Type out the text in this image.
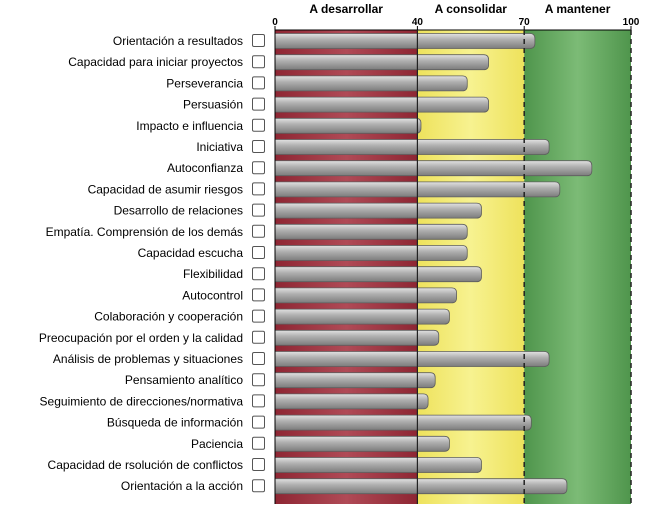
A desarrollar	A consolidar	A mantener
0	40	70	100
Orientación a resultados
Capacidad para iniciar proyectos
Perseverancia
Persuasión
Impacto e influencia
Iniciativa
Autoconfianza
Capacidad de asumir riesgos
Desarrollo de relaciones
Empatía. Comprensión de los demás
Capacidad escucha
Flexibilidad
Autocontrol
Colaboración y cooperación
Preocupación por el orden y la calidad
Análisis de problemas y situaciones
Pensamiento analítico
Seguimiento de direcciones/normativa
Búsqueda de información
Paciencia
Capacidad de rsolución de conflictos
Orientación a la acción
